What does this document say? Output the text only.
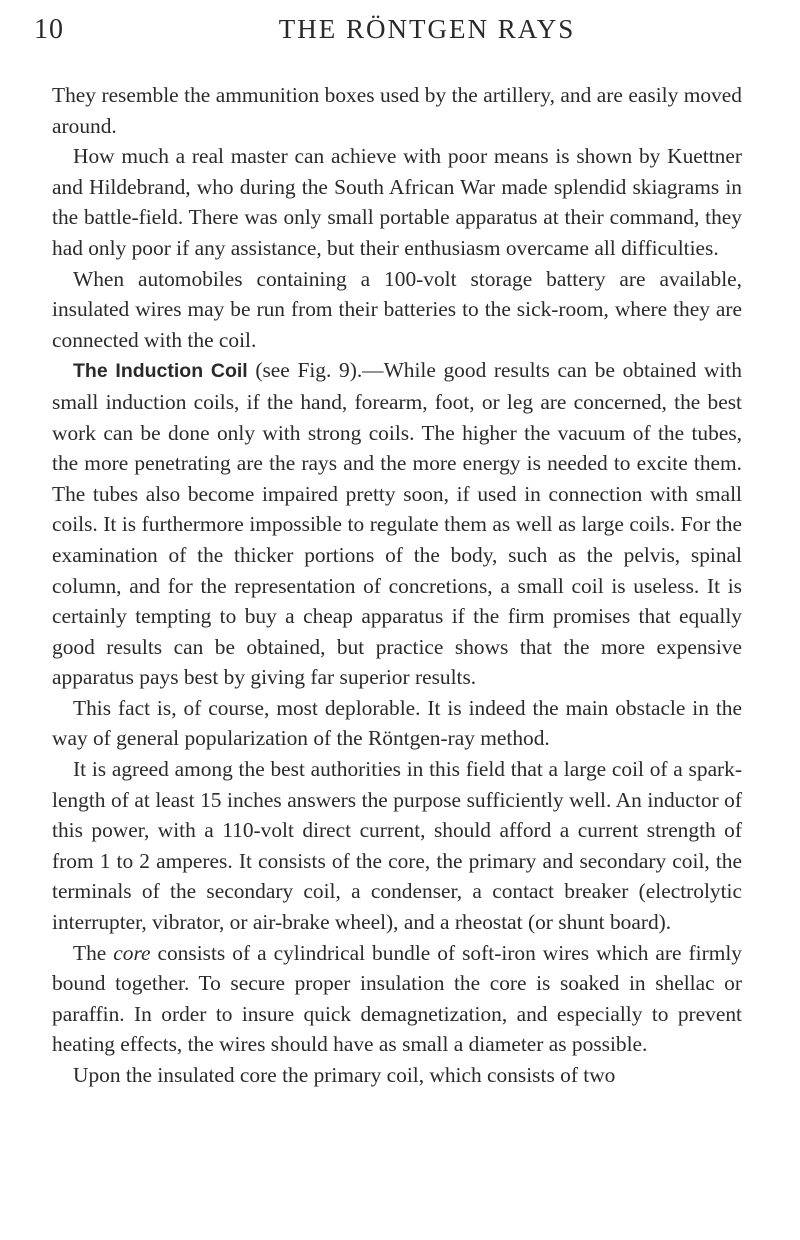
10	THE RÖNTGEN RAYS

They resemble the ammunition boxes used by the artillery, and are easily moved around.

How much a real master can achieve with poor means is shown by Kuettner and Hildebrand, who during the South African War made splendid skiagrams in the battle-field. There was only small portable apparatus at their command, they had only poor if any assistance, but their enthusiasm overcame all difficulties.

When automobiles containing a 100-volt storage battery are available, insulated wires may be run from their batteries to the sick-room, where they are connected with the coil.

The Induction Coil (see Fig. 9).—While good results can be obtained with small induction coils, if the hand, forearm, foot, or leg are concerned, the best work can be done only with strong coils. The higher the vacuum of the tubes, the more penetrating are the rays and the more energy is needed to excite them. The tubes also become impaired pretty soon, if used in connection with small coils. It is furthermore impossible to regulate them as well as large coils. For the examination of the thicker portions of the body, such as the pelvis, spinal column, and for the representation of concretions, a small coil is useless. It is certainly tempting to buy a cheap apparatus if the firm promises that equally good results can be obtained, but practice shows that the more expensive apparatus pays best by giving far superior results.

This fact is, of course, most deplorable. It is indeed the main obstacle in the way of general popularization of the Röntgen-ray method.

It is agreed among the best authorities in this field that a large coil of a spark-length of at least 15 inches answers the purpose sufficiently well. An inductor of this power, with a 110-volt direct current, should afford a current strength of from 1 to 2 amperes. It consists of the core, the primary and secondary coil, the terminals of the secondary coil, a condenser, a contact breaker (electrolytic interrupter, vibrator, or air-brake wheel), and a rheostat (or shunt board).

The core consists of a cylindrical bundle of soft-iron wires which are firmly bound together. To secure proper insulation the core is soaked in shellac or paraffin. In order to insure quick demagnetization, and especially to prevent heating effects, the wires should have as small a diameter as possible.

Upon the insulated core the primary coil, which consists of two
